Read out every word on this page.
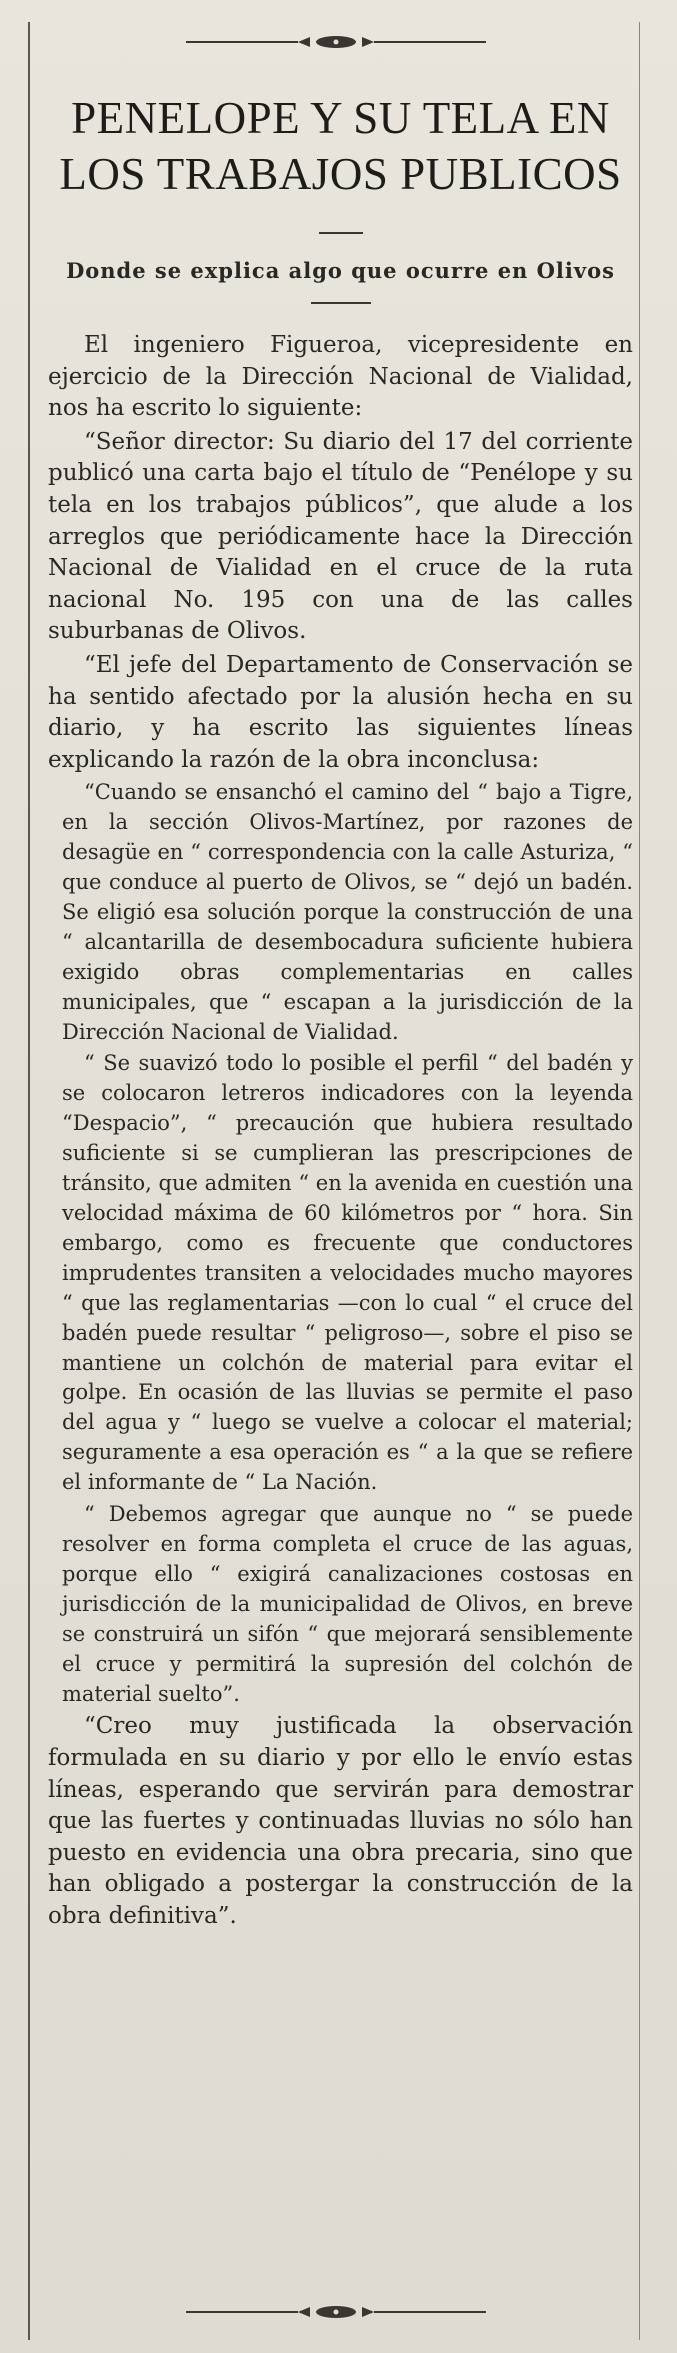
PENELOPE Y SU TELA EN LOS TRABAJOS PUBLICOS
Donde se explica algo que ocurre en Olivos

El ingeniero Figueroa, vicepresidente en ejercicio de la Dirección Nacional de Vialidad, nos ha escrito lo siguiente:

“Señor director: Su diario del 17 del corriente publicó una carta bajo el título de “Penélope y su tela en los trabajos públicos”, que alude a los arreglos que periódicamente hace la Dirección Nacional de Vialidad en el cruce de la ruta nacional No. 195 con una de las calles suburbanas de Olivos.

“El jefe del Departamento de Conservación se ha sentido afectado por la alusión hecha en su diario, y ha escrito las siguientes líneas explicando la razón de la obra inconclusa:

“Cuando se ensanchó el camino del “ bajo a Tigre, en la sección Olivos-Martínez, por razones de desagüe en “ correspondencia con la calle Asturiza, “ que conduce al puerto de Olivos, se “ dejó un badén. Se eligió esa solución porque la construcción de una “ alcantarilla de desembocadura suficiente hubiera exigido obras complementarias en calles municipales, que “ escapan a la jurisdicción de la Dirección Nacional de Vialidad.

“ Se suavizó todo lo posible el perfil “ del badén y se colocaron letreros indicadores con la leyenda “Despacio”, “ precaución que hubiera resultado suficiente si se cumplieran las prescripciones de tránsito, que admiten “ en la avenida en cuestión una velocidad máxima de 60 kilómetros por “ hora. Sin embargo, como es frecuente que conductores imprudentes transiten a velocidades mucho mayores “ que las reglamentarias —con lo cual “ el cruce del badén puede resultar “ peligroso—, sobre el piso se mantiene un colchón de material para evitar el golpe. En ocasión de las lluvias se permite el paso del agua y “ luego se vuelve a colocar el material; seguramente a esa operación es “ a la que se refiere el informante de “ La Nación.

“ Debemos agregar que aunque no “ se puede resolver en forma completa el cruce de las aguas, porque ello “ exigirá canalizaciones costosas en jurisdicción de la municipalidad de Olivos, en breve se construirá un sifón “ que mejorará sensiblemente el cruce y permitirá la supresión del colchón de material suelto”.

“Creo muy justificada la observación formulada en su diario y por ello le envío estas líneas, esperando que servirán para demostrar que las fuertes y continuadas lluvias no sólo han puesto en evidencia una obra precaria, sino que han obligado a postergar la construcción de la obra definitiva”.
